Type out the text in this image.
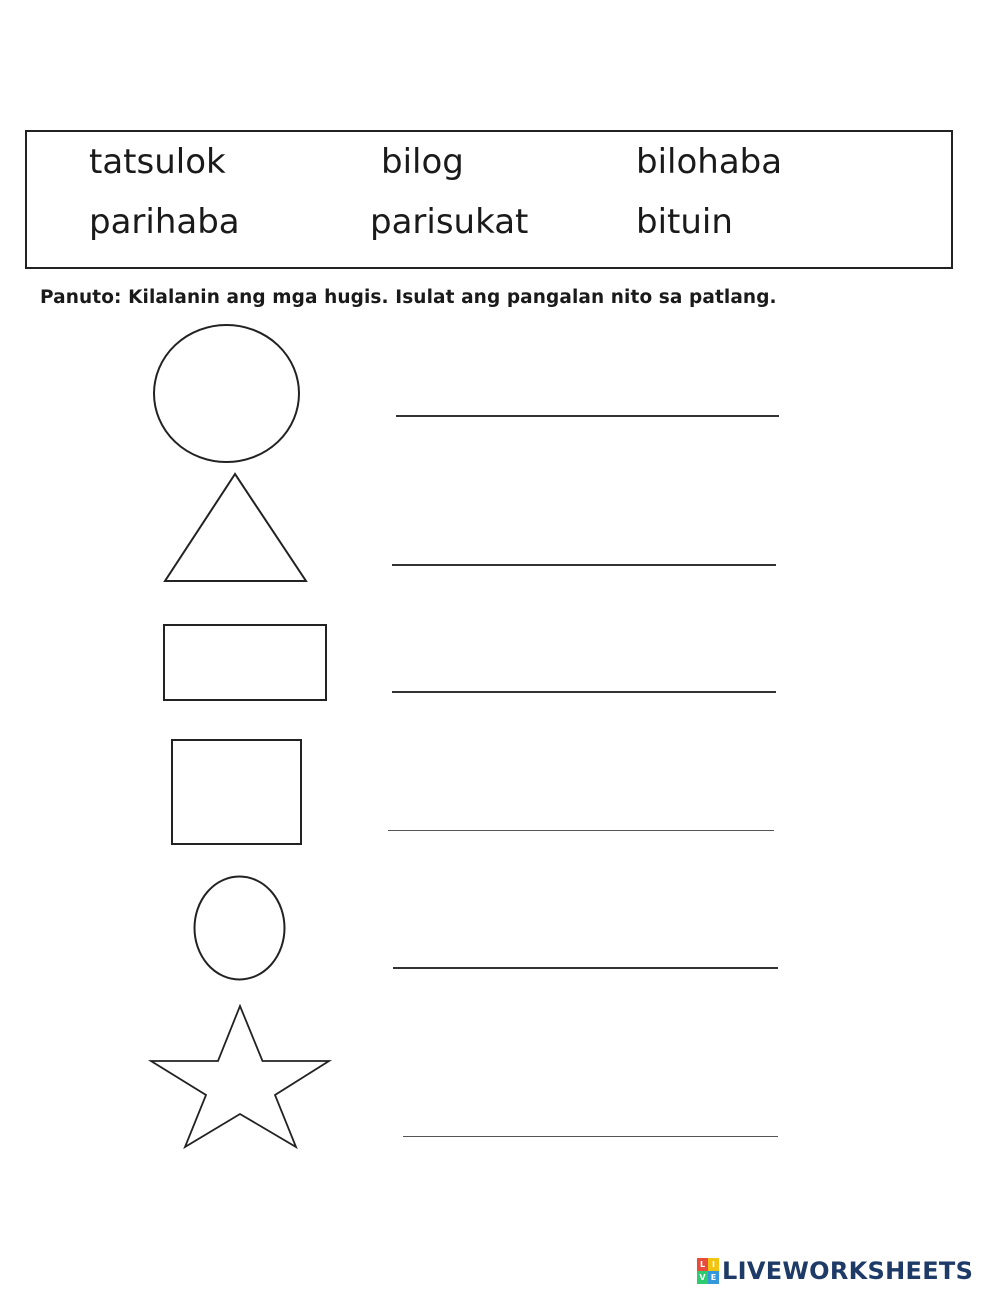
tatsulok	bilog	bilohaba
parihaba	parisukat	bituin
Panuto: Kilalanin ang mga hugis. Isulat ang pangalan nito sa patlang.
L I
V E LIVEWORKSHEETS
